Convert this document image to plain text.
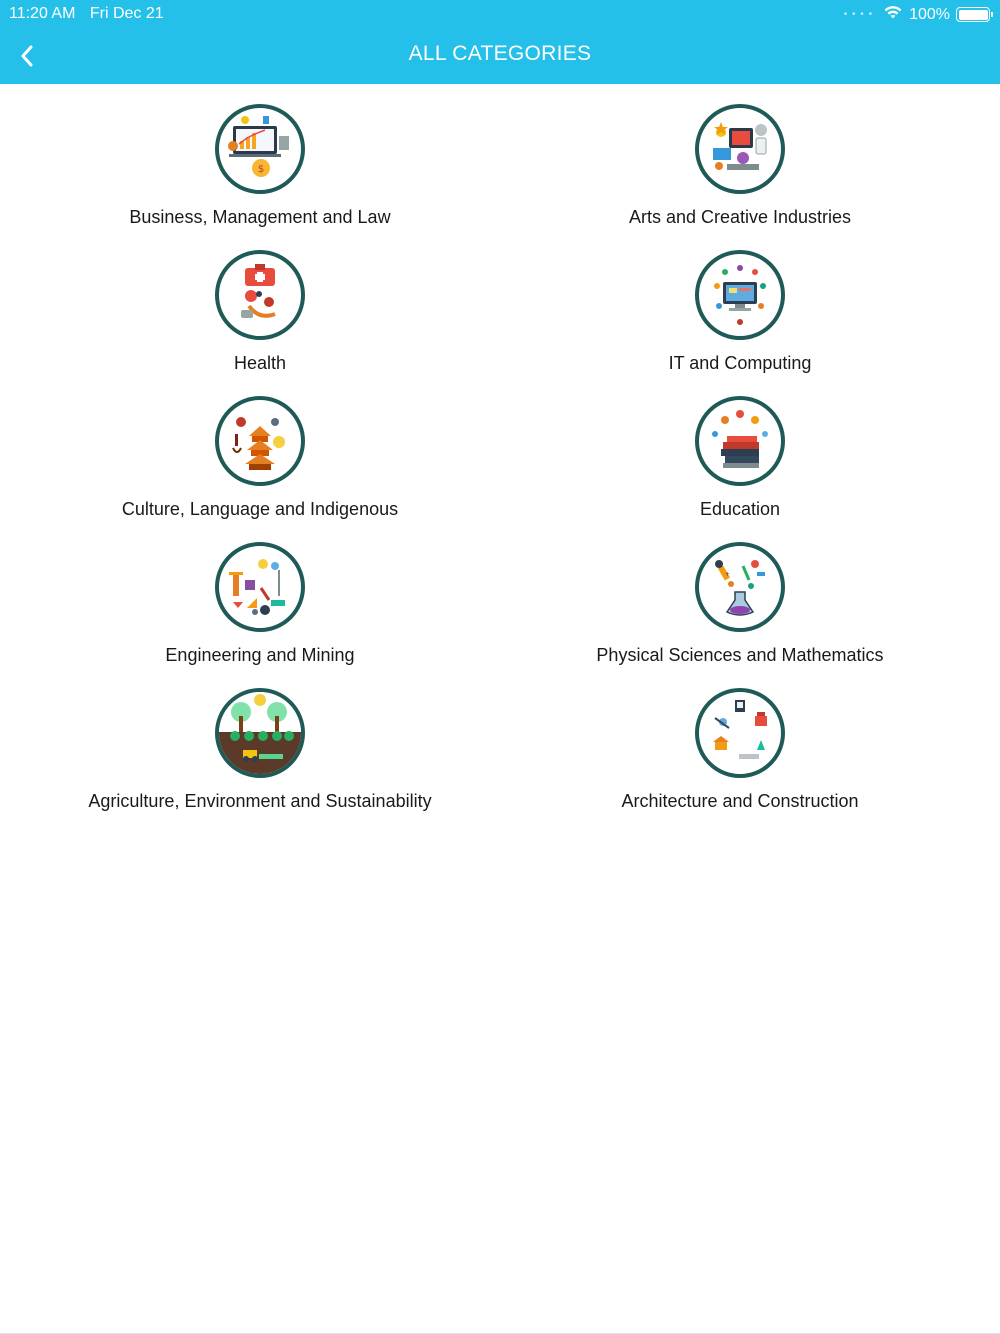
11:20 AM Fri Dec 21	• • • • 100%
ALL CATEGORIES
$
Business, Management and Law	Arts and Creative Industries
Health	IT and Computing
Culture, Language and Indigenous	Education
Engineering and Mining
+
Physical Sciences and Mathematics
Agriculture, Environment and Sustainability	Architecture and Construction
